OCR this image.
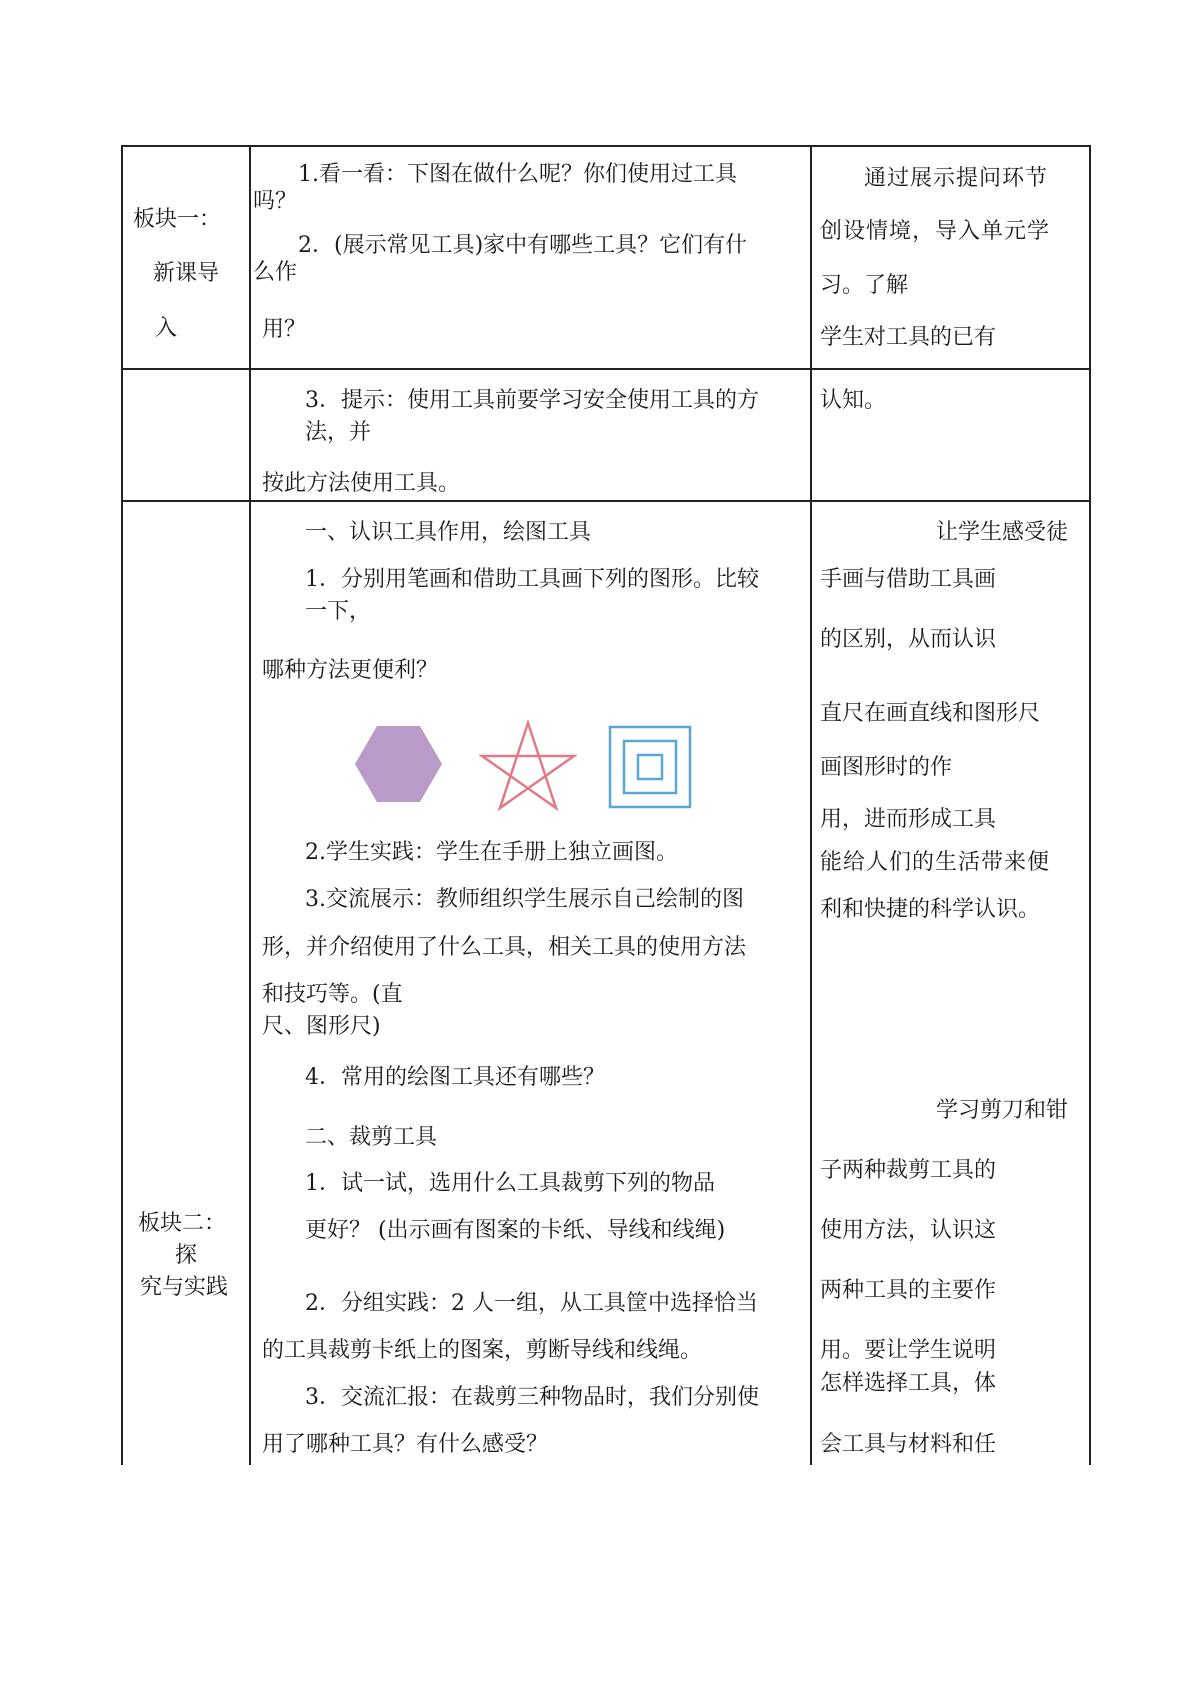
板块一：
新课导
入
1.看一看：下图在做什么呢？你们使用过工具
吗？
2．(展示常见工具)家中有哪些工具？它们有什
么作
用？
通过展示提问环节
创设情境，导入单元学
习。了解
学生对工具的已有
3．提示：使用工具前要学习安全使用工具的方
法，并
按此方法使用工具。
认知。
板块二：
探
究与实践
一、认识工具作用，绘图工具
1．分别用笔画和借助工具画下列的图形。比较
一下，
哪种方法更便利？
2.学生实践：学生在手册上独立画图。
3.交流展示：教师组织学生展示自己绘制的图
形，并介绍使用了什么工具，相关工具的使用方法
和技巧等。(直
尺、图形尺)
4．常用的绘图工具还有哪些？
二、裁剪工具
1．试一试，选用什么工具裁剪下列的物品
更好？ (出示画有图案的卡纸、导线和线绳)
2．分组实践：2 人一组，从工具筐中选择恰当
的工具裁剪卡纸上的图案，剪断导线和线绳。
3．交流汇报：在裁剪三种物品时，我们分别使
用了哪种工具？有什么感受？
让学生感受徒
手画与借助工具画
的区别，从而认识
直尺在画直线和图形尺
画图形时的作
用，进而形成工具
能给人们的生活带来便
利和快捷的科学认识。
学习剪刀和钳
子两种裁剪工具的
使用方法，认识这
两种工具的主要作
用。要让学生说明
怎样选择工具，体
会工具与材料和任
